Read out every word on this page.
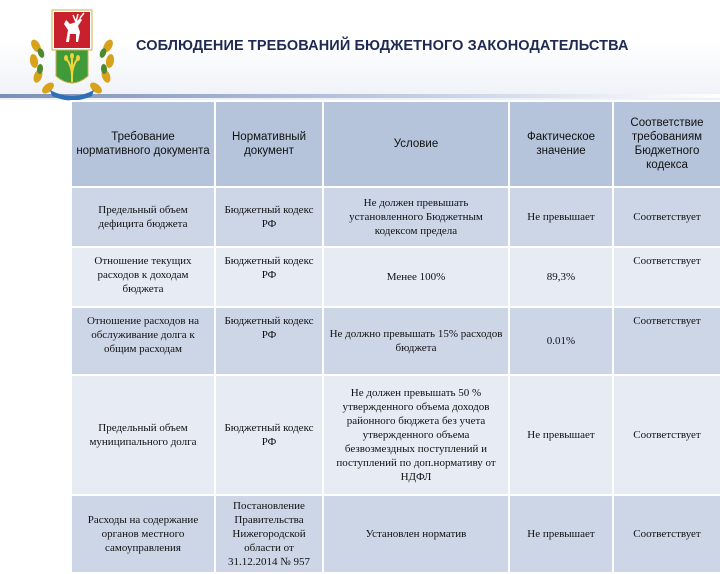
СОБЛЮДЕНИЕ ТРЕБОВАНИЙ БЮДЖЕТНОГО ЗАКОНОДАТЕЛЬСТВА
Требование нормативного документа	Нормативный документ	Условие	Фактическое значение	Соответствие требованиям Бюджетного кодекса
Предельный объем дефицита бюджета	Бюджетный кодекс РФ	Не должен превышать установленного Бюджетным кодексом предела	Не превышает	Соответствует
Отношение текущих расходов к доходам бюджета	Бюджетный кодекс РФ	Менее 100%	89,3%	Соответствует
Отношение расходов на обслуживание долга к общим расходам	Бюджетный кодекс РФ	Не должно превышать 15% расходов бюджета	0.01%	Соответствует
Предельный объем муниципального долга	Бюджетный кодекс РФ	Не должен превышать 50 % утвержденного объема доходов районного бюджета без учета утвержденного объема безвозмездных поступлений и поступлений по доп.нормативу от НДФЛ	Не превышает	Соответствует
Расходы на содержание органов местного самоуправления	Постановление Правительства Нижегородской области от 31.12.2014 № 957	Установлен норматив	Не превышает	Соответствует
